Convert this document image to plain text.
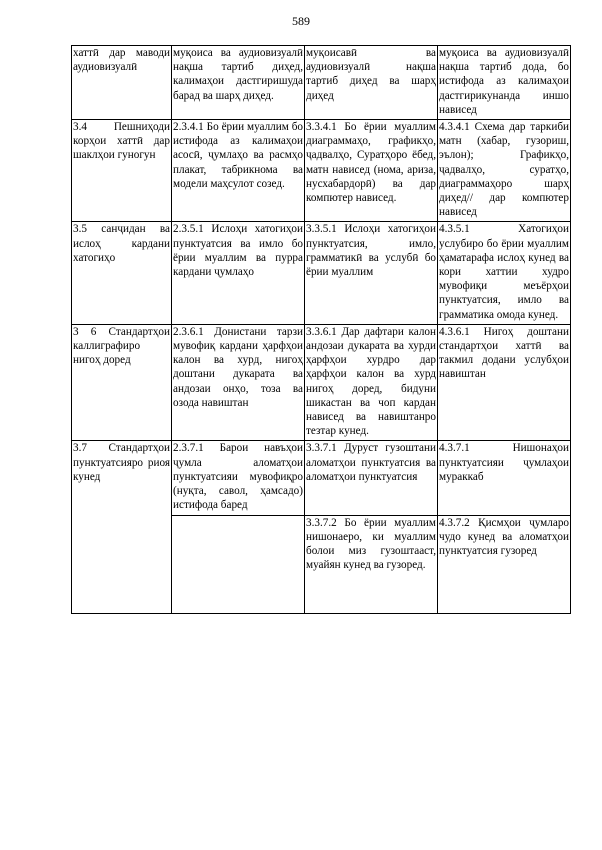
589
хаттӣ дар маводи аудиовизуалӣ	муқоиса ва аудиовизуалӣ нақша тартиб диҳед, калимаҳои дастгиришуда барад ва шарҳ диҳед.	муқоисавӣ ва аудиовизуалӣ нақша тартиб диҳед ва шарҳ диҳед	муқоиса ва аудиовизуалӣ нақша тартиб дода, бо истифода аз калимаҳои дастгирикунанда иншо нависед
3.4 Пешниҳоди корҳои хаттӣ дар шаклҳои гуногун	2.3.4.1 Бо ёрии муаллим бо истифода аз калимаҳои асосӣ, ҷумлаҳо ва расмҳо плакат, табрикнома ва модели маҳсулот созед.	3.3.4.1 Бо ёрии муаллим диаграммаҳо, графикҳо, ҷадвалҳо, Суратҳоро ёбед, матн нависед (нома, ариза, нусхабардорӣ) ва дар компютер нависед.	4.3.4.1 Схема дар таркиби матн (хабар, гузориш, эълон); Графикҳо, ҷадвалҳо, суратҳо, диаграммаҳоро шарҳ диҳед// дар компютер нависед
3.5 санҷидан ва ислоҳ кардани хатогиҳо	2.3.5.1 Ислоҳи хатогиҳои пунктуатсия ва имло бо ёрии муаллим ва пурра кардани ҷумлаҳо	3.3.5.1 Ислоҳи хатогиҳои пунктуатсия, имло, грамматикӣ ва услубӣ бо ёрии муаллим	4.3.5.1 Хатогиҳои услубиро бо ёрии муаллим ҳаматарафа ислоҳ кунед ва кори хаттии худро мувофиқи меъёрҳои пунктуатсия, имло ва грамматика омода кунед.
3 6 Стандартҳои каллиграфиро нигоҳ доред	2.3.6.1 Донистани тарзи мувофиқ кардани ҳарфҳои калон ва хурд, нигоҳ доштани дукарата ва андозаи онҳо, тоза ва озода навиштан	3.3.6.1 Дар дафтари калон андозаи дукарата ва хурди ҳарфҳои хурдро дар ҳарфҳои калон ва хурд нигоҳ доред, бидуни шикастан ва чоп кардан нависед ва навиштанро тезтар кунед.	4.3.6.1 Нигоҳ доштани стандартҳои хаттӣ ва такмил додани услубҳои навиштан
3.7 Стандартҳои пунктуатсияро риоя кунед	2.3.7.1 Барои навъҳои ҷумла аломатҳои пунктуатсияи мувофиқро (нуқта, савол, ҳамсадо) истифода баред	3.3.7.1 Дуруст гузоштани аломатҳои пунктуатсия ва аломатҳои пунктуатсия	4.3.7.1 Нишонаҳои пунктуатсияи ҷумлаҳои мураккаб
		3.3.7.2 Бо ёрии муаллим нишонаеро, ки муаллим болои миз гузоштааст, муайян кунед ва гузоред.	4.3.7.2 Қисмҳои ҷумларо чудо кунед ва аломатҳои пунктуатсия гузоред
